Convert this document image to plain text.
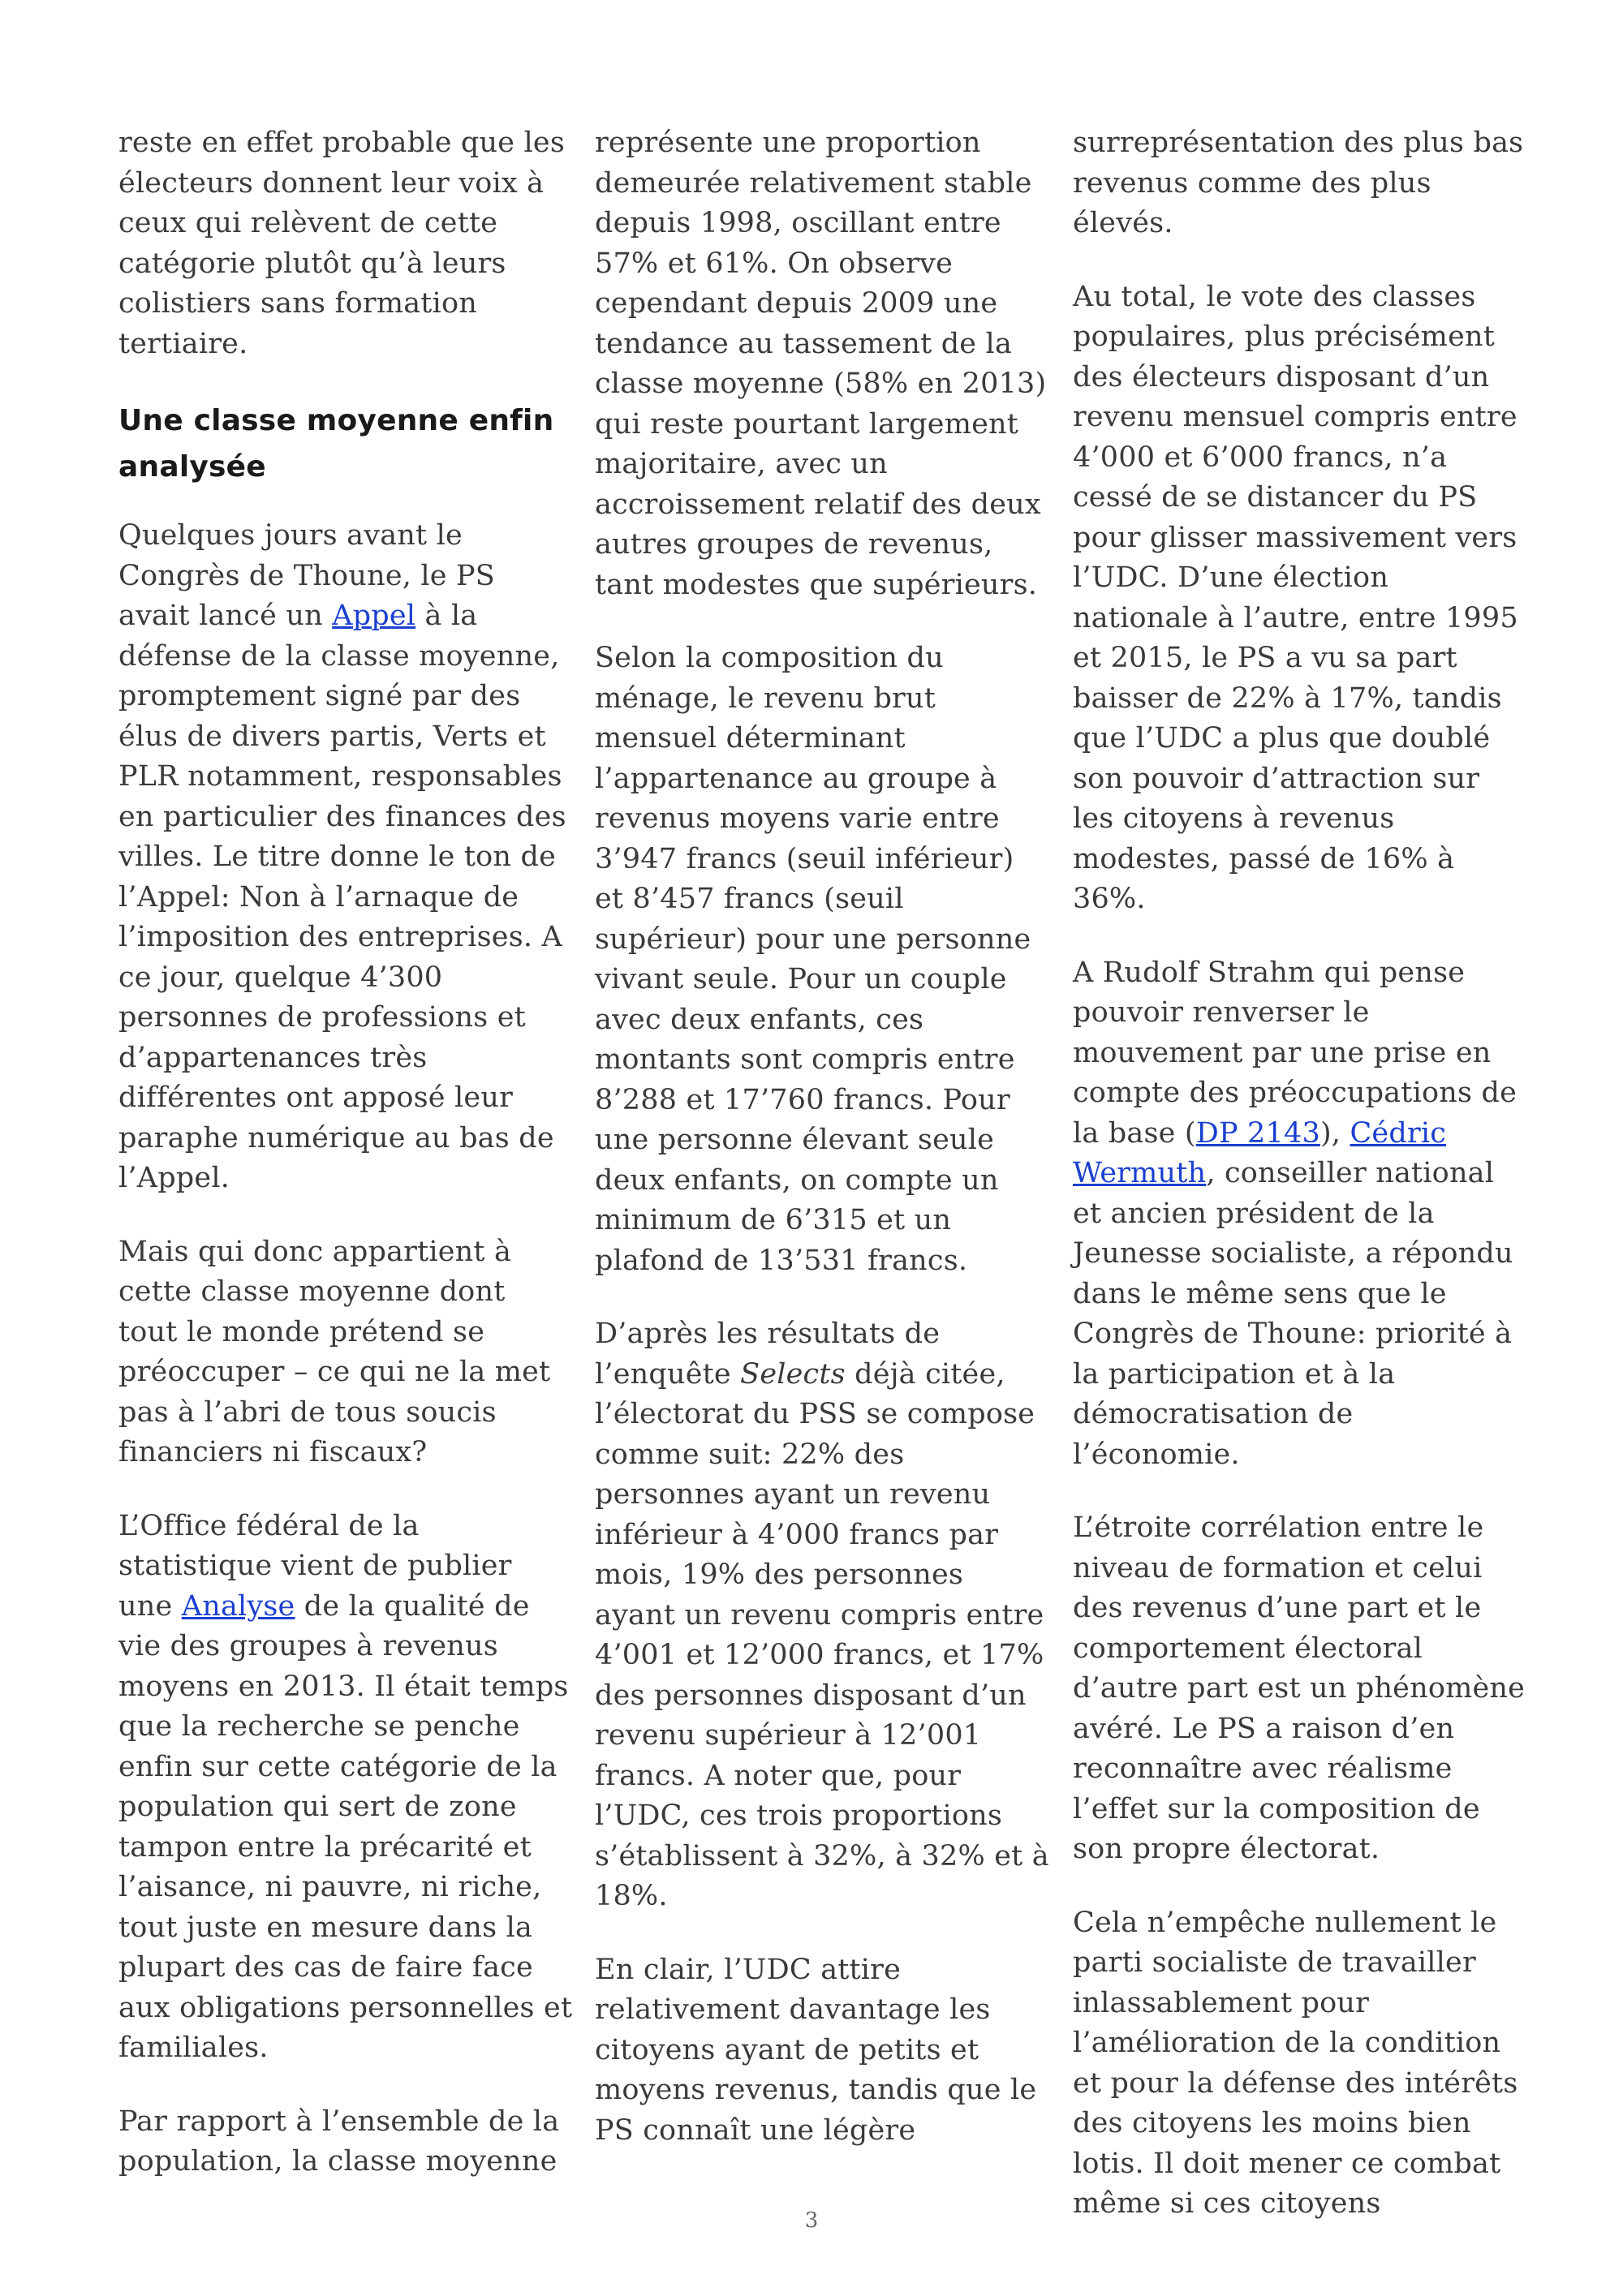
reste en effet probable que les électeurs donnent leur voix à ceux qui relèvent de cette catégorie plutôt qu’à leurs colistiers sans formation tertiaire.

Une classe moyenne enfin analysée

Quelques jours avant le Congrès de Thoune, le PS avait lancé un Appel à la défense de la classe moyenne, promptement signé par des élus de divers partis, Verts et PLR notamment, responsables en particulier des finances des villes. Le titre donne le ton de l’Appel: Non à l’arnaque de l’imposition des entreprises. A ce jour, quelque 4’300 personnes de professions et d’appartenances très différentes ont apposé leur paraphe numérique au bas de l’Appel.

Mais qui donc appartient à cette classe moyenne dont tout le monde prétend se préoccuper – ce qui ne la met pas à l’abri de tous soucis financiers ni fiscaux?

L’Office fédéral de la statistique vient de publier une Analyse de la qualité de vie des groupes à revenus moyens en 2013. Il était temps que la recherche se penche enfin sur cette catégorie de la population qui sert de zone tampon entre la précarité et l’aisance, ni pauvre, ni riche, tout juste en mesure dans la plupart des cas de faire face aux obligations personnelles et familiales.

Par rapport à l’ensemble de la population, la classe moyenne

représente une proportion demeurée relativement stable depuis 1998, oscillant entre 57% et 61%. On observe cependant depuis 2009 une tendance au tassement de la classe moyenne (58% en 2013) qui reste pourtant largement majoritaire, avec un accroissement relatif des deux autres groupes de revenus, tant modestes que supérieurs.

Selon la composition du ménage, le revenu brut mensuel déterminant l’appartenance au groupe à revenus moyens varie entre 3’947 francs (seuil inférieur) et 8’457 francs (seuil supérieur) pour une personne vivant seule. Pour un couple avec deux enfants, ces montants sont compris entre 8’288 et 17’760 francs. Pour une personne élevant seule deux enfants, on compte un minimum de 6’315 et un plafond de 13’531 francs.

D’après les résultats de l’enquête Selects déjà citée, l’électorat du PSS se compose comme suit: 22% des personnes ayant un revenu inférieur à 4’000 francs par mois, 19% des personnes ayant un revenu compris entre 4’001 et 12’000 francs, et 17% des personnes disposant d’un revenu supérieur à 12’001 francs. A noter que, pour l’UDC, ces trois proportions s’établissent à 32%, à 32% et à 18%.

En clair, l’UDC attire relativement davantage les citoyens ayant de petits et moyens revenus, tandis que le PS connaît une légère

surreprésentation des plus bas revenus comme des plus élevés.

Au total, le vote des classes populaires, plus précisément des électeurs disposant d’un revenu mensuel compris entre 4’000 et 6’000 francs, n’a cessé de se distancer du PS pour glisser massivement vers l’UDC. D’une élection nationale à l’autre, entre 1995 et 2015, le PS a vu sa part baisser de 22% à 17%, tandis que l’UDC a plus que doublé son pouvoir d’attraction sur les citoyens à revenus modestes, passé de 16% à 36%.

A Rudolf Strahm qui pense pouvoir renverser le mouvement par une prise en compte des préoccupations de la base (DP 2143), Cédric Wermuth, conseiller national et ancien président de la Jeunesse socialiste, a répondu dans le même sens que le Congrès de Thoune: priorité à la participation et à la démocratisation de l’économie.

L’étroite corrélation entre le niveau de formation et celui des revenus d’une part et le comportement électoral d’autre part est un phénomène avéré. Le PS a raison d’en reconnaître avec réalisme l’effet sur la composition de son propre électorat.

Cela n’empêche nullement le parti socialiste de travailler inlassablement pour l’amélioration de la condition et pour la défense des intérêts des citoyens les moins bien lotis. Il doit mener ce combat même si ces citoyens

3
